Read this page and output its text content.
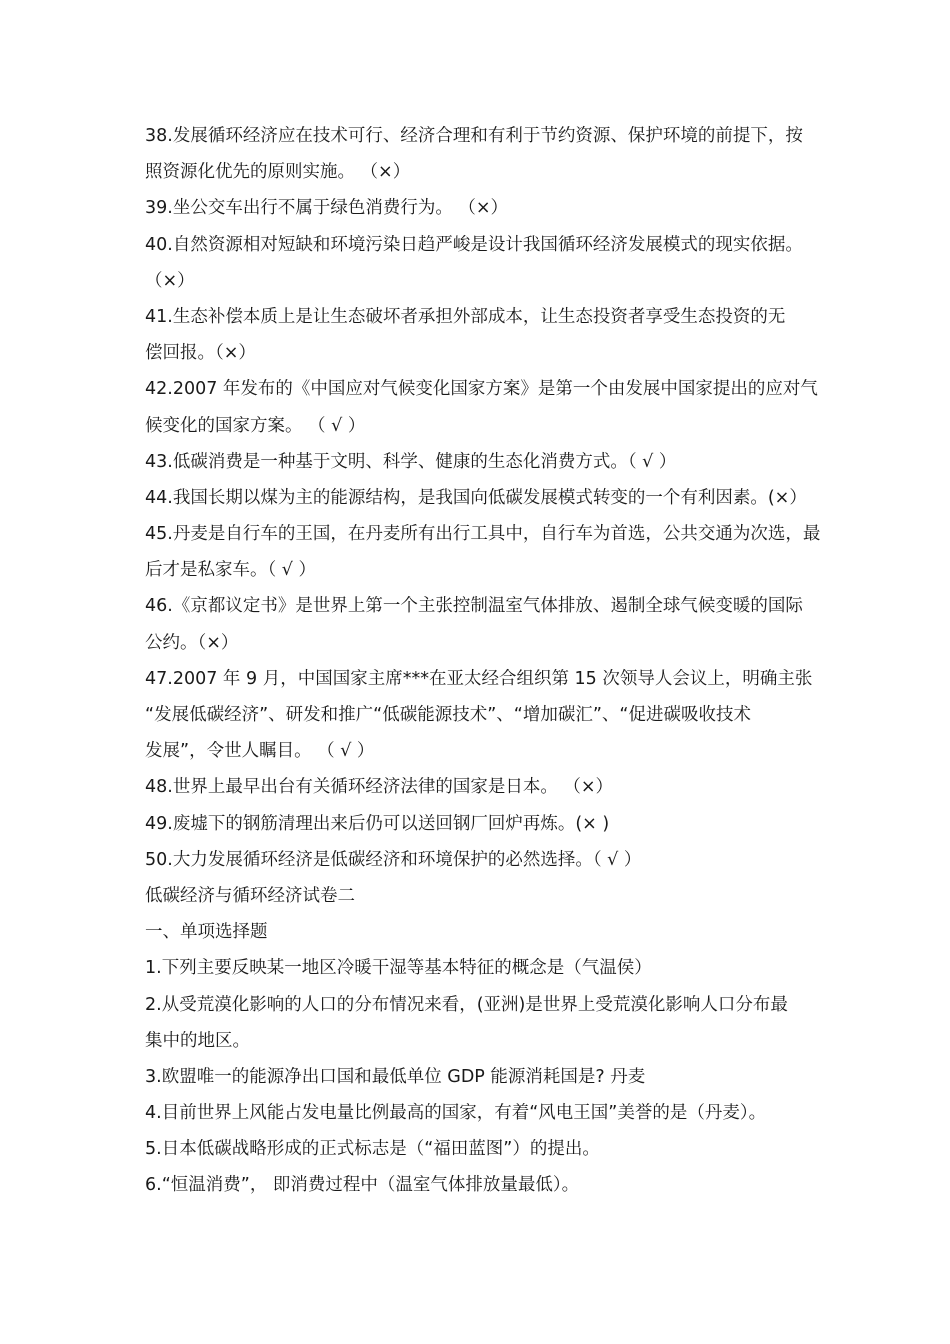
38.发展循环经济应在技术可行、经济合理和有利于节约资源、保护环境的前提下，按
照资源化优先的原则实施。 （×）
39.坐公交车出行不属于绿色消费行为。 （×）
40.自然资源相对短缺和环境污染日趋严峻是设计我国循环经济发展模式的现实依据。
（×）
41.生态补偿本质上是让生态破坏者承担外部成本，让生态投资者享受生态投资的无
偿回报。（×）
42.2007 年发布的《中国应对气候变化国家方案》是第一个由发展中国家提出的应对气
候变化的国家方案。 （ √ ）
43.低碳消费是一种基于文明、科学、健康的生态化消费方式。（ √ ）
44.我国长期以煤为主的能源结构，是我国向低碳发展模式转变的一个有利因素。(×）
45.丹麦是自行车的王国，在丹麦所有出行工具中，自行车为首选，公共交通为次选，最
后才是私家车。（ √ ）
46.《京都议定书》是世界上第一个主张控制温室气体排放、遏制全球气候变暖的国际
公约。（×）
47.2007 年 9 月，中国国家主席***在亚太经合组织第 15 次领导人会议上，明确主张
“发展低碳经济”、研发和推广“低碳能源技术”、“增加碳汇”、“促进碳吸收技术
发展”，令世人瞩目。 （ √ ）
48.世界上最早出台有关循环经济法律的国家是日本。 （×）
49.废墟下的钢筋清理出来后仍可以送回钢厂回炉再炼。(× )
50.大力发展循环经济是低碳经济和环境保护的必然选择。（ √ ）
低碳经济与循环经济试卷二
一、单项选择题
1.下列主要反映某一地区冷暖干湿等基本特征的概念是（气温侯）
2.从受荒漠化影响的人口的分布情况来看，(亚洲)是世界上受荒漠化影响人口分布最
集中的地区。
3.欧盟唯一的能源净出口国和最低单位 GDP 能源消耗国是? 丹麦
4.目前世界上风能占发电量比例最高的国家，有着“风电王国”美誉的是（丹麦）。
5.日本低碳战略形成的正式标志是（“福田蓝图”）的提出。
6.“恒温消费”， 即消费过程中（温室气体排放量最低）。
